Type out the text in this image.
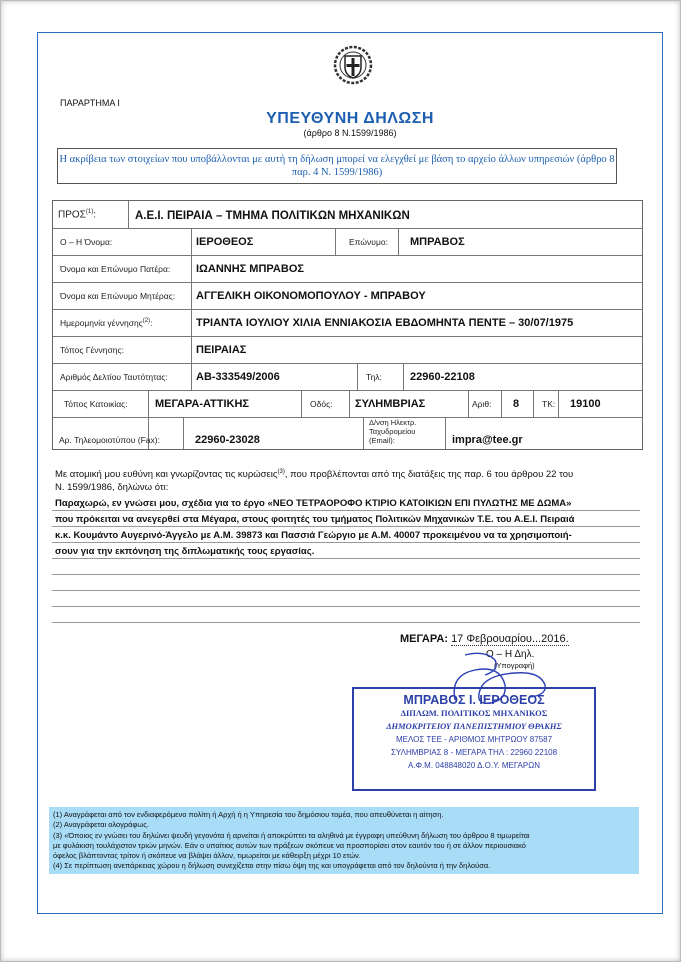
ΠΑΡΑΡΤΗΜΑ Ι
ΥΠΕΥΘΥΝΗ ΔΗΛΩΣΗ
(άρθρο 8 Ν.1599/1986)
Η ακρίβεια των στοιχείων που υποβάλλονται με αυτή τη δήλωση μπορεί να ελεγχθεί με βάση το αρχείο άλλων υπηρεσιών (άρθρο 8 παρ. 4 Ν. 1599/1986)
ΠΡΟΣ$^{(1)}$:	Α.Ε.Ι. ΠΕΙΡΑΙΑ – ΤΜΗΜΑ ΠΟΛΙΤΙΚΩΝ ΜΗΧΑΝΙΚΩΝ
Ο – Η Όνομα:	ΙΕΡΟΘΕΟΣ	Επώνυμο: ΜΠΡΑΒΟΣ
Όνομα και Επώνυμο Πατέρα: ΙΩΑΝΝΗΣ ΜΠΡΑΒΟΣ
Όνομα και Επώνυμο Μητέρας: ΑΓΓΕΛΙΚΗ ΟΙΚΟΝΟΜΟΠΟΥΛΟΥ - ΜΠΡΑΒΟΥ
Ημερομηνία γέννησης$^{(2)}$:	ΤΡΙΑΝΤΑ ΙΟΥΛΙΟΥ ΧΙΛΙΑ ΕΝΝΙΑΚΟΣΙΑ ΕΒΔΟΜΗΝΤΑ ΠΕΝΤΕ – 30/07/1975
Τόπος Γέννησης:	ΠΕΙΡΑΙΑΣ
Αριθμός Δελτίου Ταυτότητας:	ΑΒ-333549/2006	Τηλ:	22960-22108
Τόπος Κατοικίας: ΜΕΓΑΡΑ-ΑΤΤΙΚΗΣ	Οδός: ΣΥΛΗΜΒΡΙΑΣ	Αριθ: 8	ΤΚ: 19100
Αρ. Τηλεομοιοτύπου (Fax):	22960-23028
Δ/νση Ηλεκτρ.
Ταχυδρομείου
(Email):	impra@tee.gr
Με ατομική μου ευθύνη και γνωρίζοντας τις κυρώσεις$^{(3)}$, που προβλέπονται από της διατάξεις της παρ. 6 του άρθρου 22 του
Ν. 1599/1986, δηλώνω ότι:
Παραχωρώ, εν γνώσει μου, σχέδια για το έργο «ΝΕΟ ΤΕΤΡΑΟΡΟΦΟ ΚΤΙΡΙΟ ΚΑΤΟΙΚΙΩΝ ΕΠΙ ΠΥΛΩΤΗΣ ΜΕ ΔΩΜΑ»
που πρόκειται να ανεγερθεί στα Μέγαρα, στους φοιτητές του τμήματος Πολιτικών Μηχανικών Τ.Ε. του Α.Ε.Ι. Πειραιά
κ.κ. Κουμάντο Αυγερινό-Άγγελο με Α.Μ. 39873 και Πασσιά Γεώργιο με Α.Μ. 40007 προκειμένου να τα χρησιμοποιή-
σουν για την εκπόνηση της διπλωματικής τους εργασίας.
ΜΕΓΑΡΑ: 17 Φεβρουαρίου...2016.
Ο – Η Δηλ.
(Υπογραφή)
ΜΠΡΑΒΟΣ Ι. ΙΕΡΟΘΕΟΣ
ΔΙΠΛΩΜ. ΠΟΛΙΤΙΚΟΣ ΜΗΧΑΝΙΚΟΣ
ΔΗΜΟΚΡΙΤΕΙΟΥ ΠΑΝΕΠΙΣΤΗΜΙΟΥ ΘΡΑΚΗΣ
ΜΕΛΟΣ ΤΕΕ - ΑΡΙΘΜΟΣ ΜΗΤΡΩΟΥ 87587
ΣΥΛΗΜΒΡΙΑΣ 8 - ΜΕΓΑΡΑ ΤΗΛ : 22960 22108
Α.Φ.Μ. 048848020 Δ.Ο.Υ. ΜΕΓΑΡΩΝ
(1) Αναγράφεται από τον ενδιαφερόμενο πολίτη ή Αρχή ή η Υπηρεσία του δημόσιου τομέα, που απευθύνεται η αίτηση.
(2) Αναγράφεται ολογράφως.
(3) «Όποιος εν γνώσει του δηλώνει ψευδή γεγονότα ή αρνείται ή αποκρύπτει τα αληθινά με έγγραφη υπεύθυνη δήλωση του άρθρου 8 τιμωρείται
με φυλάκιση τουλάχιστον τριών μηνών. Εάν ο υπαίτιος αυτών των πράξεων σκόπευε να προσπορίσει στον εαυτόν του ή σε άλλον περιουσιακό
όφελος βλάπτοντας τρίτον ή σκόπευε να βλάψει άλλον, τιμωρείται με κάθειρξη μέχρι 10 ετών.
(4) Σε περίπτωση ανεπάρκειας χώρου η δήλωση συνεχίζεται στην πίσω όψη της και υπογράφεται από τον δηλούντα ή την δηλούσα.
